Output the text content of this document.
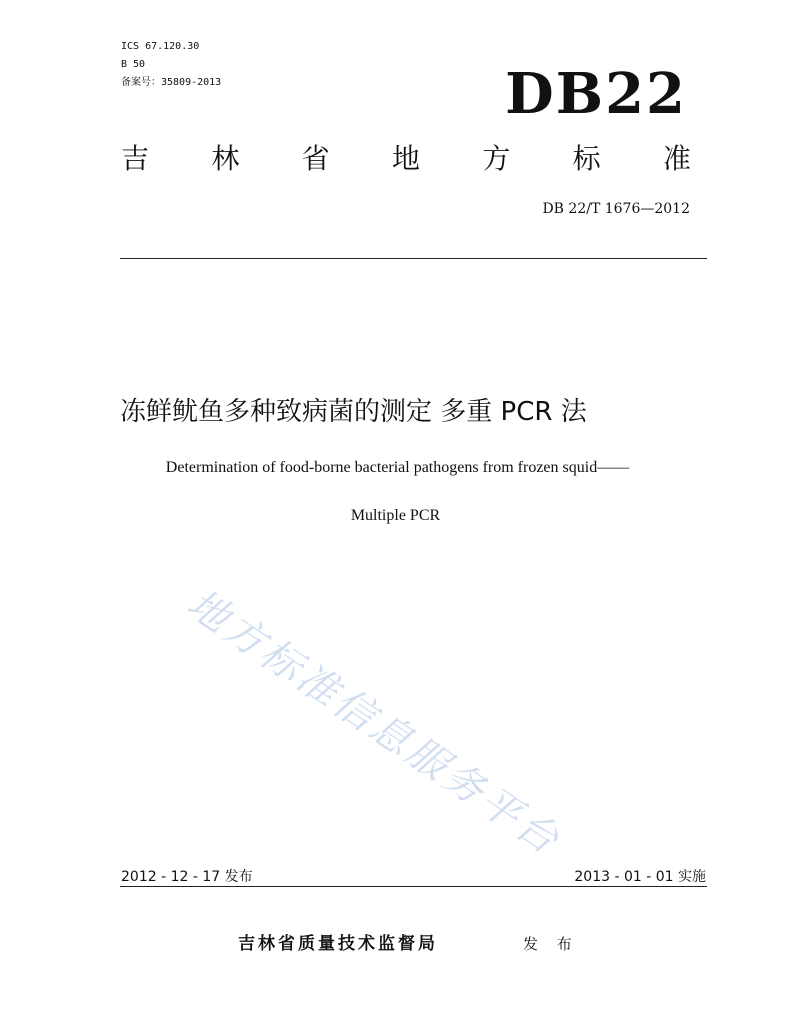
ICS 67.120.30
B 50
备案号：35809-2013	DB22
吉 林 省 地 方 标 准
DB 22/T 1676—2012
冻鲜鱿鱼多种致病菌的测定 多重 PCR 法
Determination of food-borne bacterial pathogens from frozen squid——
Multiple PCR
地方标准信息服务平台
2012 - 12 - 17 发布	2013 - 01 - 01 实施
吉林省质量技术监督局	发 布
